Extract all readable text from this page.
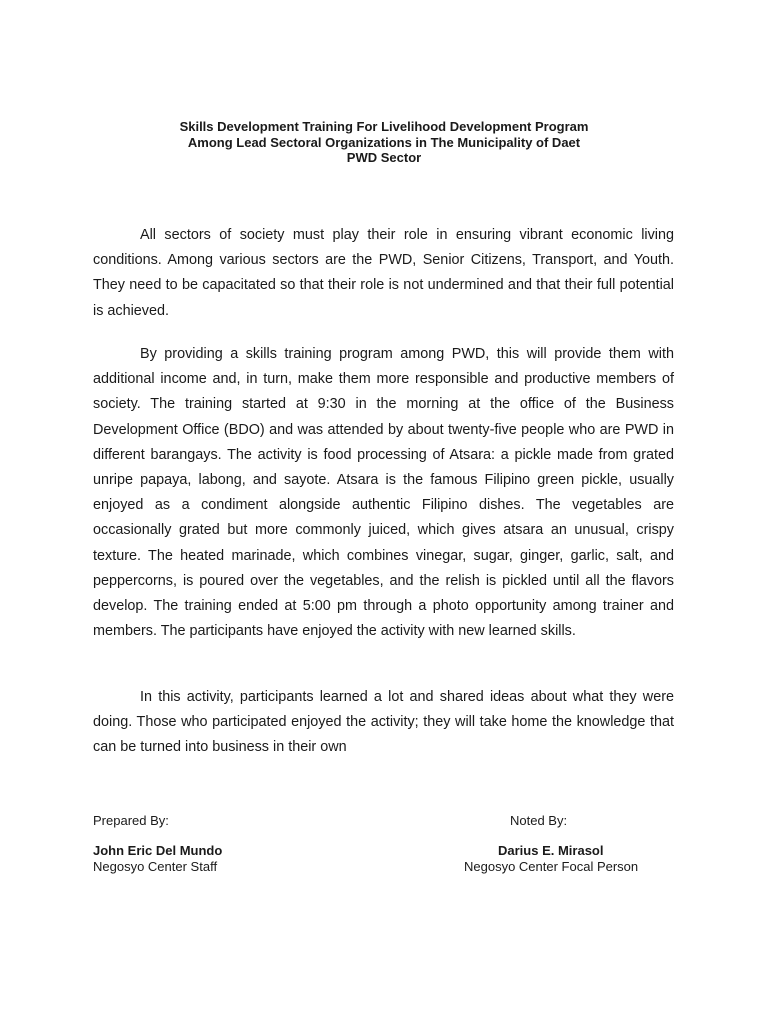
Skills Development Training For Livelihood Development Program
Among Lead Sectoral Organizations in The Municipality of Daet
PWD Sector

All sectors of society must play their role in ensuring vibrant economic living conditions. Among various sectors are the PWD, Senior Citizens, Transport, and Youth. They need to be capacitated so that their role is not undermined and that their full potential is achieved.

By providing a skills training program among PWD, this will provide them with additional income and, in turn, make them more responsible and productive members of society. The training started at 9:30 in the morning at the office of the Business Development Office (BDO) and was attended by about twenty-five people who are PWD in different barangays. The activity is food processing of Atsara: a pickle made from grated unripe papaya, labong, and sayote. Atsara is the famous Filipino green pickle, usually enjoyed as a condiment alongside authentic Filipino dishes. The vegetables are occasionally grated but more commonly juiced, which gives atsara an unusual, crispy texture. The heated marinade, which combines vinegar, sugar, ginger, garlic, salt, and peppercorns, is poured over the vegetables, and the relish is pickled until all the flavors develop. The training ended at 5:00 pm through a photo opportunity among trainer and members. The participants have enjoyed the activity with new learned skills.

In this activity, participants learned a lot and shared ideas about what they were doing. Those who participated enjoyed the activity; they will take home the knowledge that can be turned into business in their own

Prepared By:
John Eric Del Mundo
Negosyo Center Staff
Noted By:
Darius E. Mirasol
Negosyo Center Focal Person
